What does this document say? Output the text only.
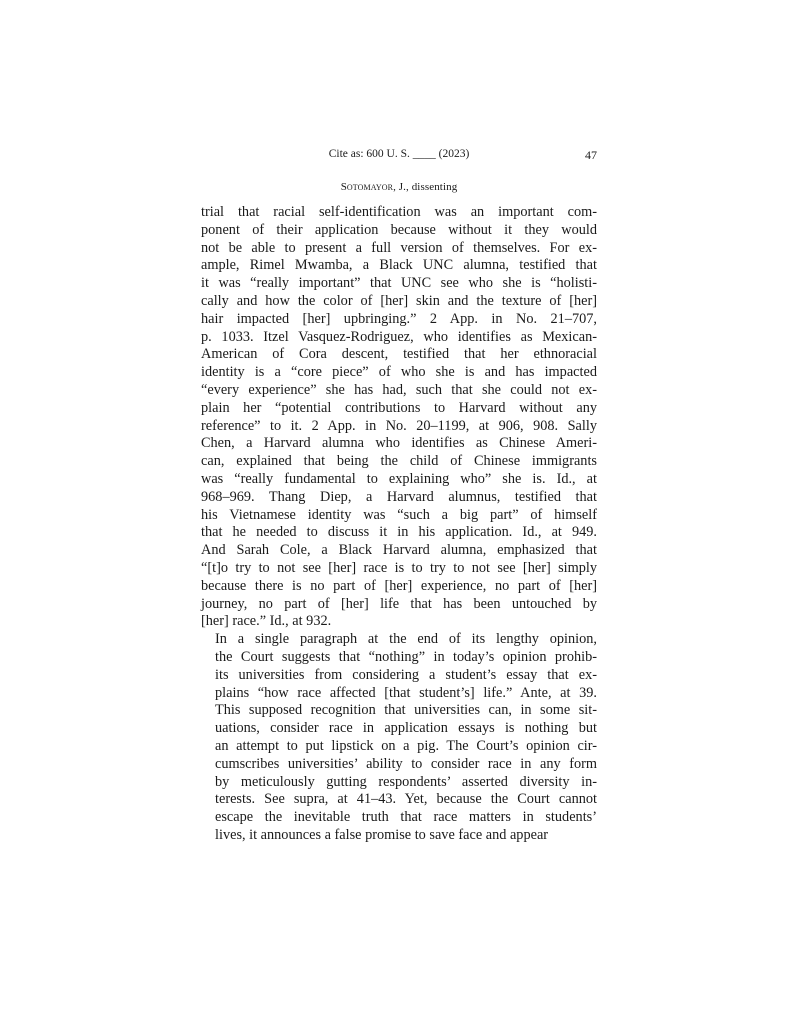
Cite as: 600 U. S. ____ (2023)	47
Sotomayor, J., dissenting

trial that racial self-identification was an important com-
ponent of their application because without it they would
not be able to present a full version of themselves. For ex-
ample, Rimel Mwamba, a Black UNC alumna, testified that
it was “really important” that UNC see who she is “holisti-
cally and how the color of [her] skin and the texture of [her]
hair impacted [her] upbringing.” 2 App. in No. 21–707,
p. 1033. Itzel Vasquez-Rodriguez, who identifies as Mexican-
American of Cora descent, testified that her ethnoracial
identity is a “core piece” of who she is and has impacted
“every experience” she has had, such that she could not ex-
plain her “potential contributions to Harvard without any
reference” to it. 2 App. in No. 20–1199, at 906, 908. Sally
Chen, a Harvard alumna who identifies as Chinese Ameri-
can, explained that being the child of Chinese immigrants
was “really fundamental to explaining who” she is. Id., at
968–969. Thang Diep, a Harvard alumnus, testified that
his Vietnamese identity was “such a big part” of himself
that he needed to discuss it in his application. Id., at 949.
And Sarah Cole, a Black Harvard alumna, emphasized that
“[t]o try to not see [her] race is to try to not see [her] simply
because there is no part of [her] experience, no part of [her]
journey, no part of [her] life that has been untouched by
[her] race.” Id., at 932.

In a single paragraph at the end of its lengthy opinion,
the Court suggests that “nothing” in today’s opinion prohib-
its universities from considering a student’s essay that ex-
plains “how race affected [that student’s] life.” Ante, at 39.
This supposed recognition that universities can, in some sit-
uations, consider race in application essays is nothing but
an attempt to put lipstick on a pig. The Court’s opinion cir-
cumscribes universities’ ability to consider race in any form
by meticulously gutting respondents’ asserted diversity in-
terests. See supra, at 41–43. Yet, because the Court cannot
escape the inevitable truth that race matters in students’
lives, it announces a false promise to save face and appear
